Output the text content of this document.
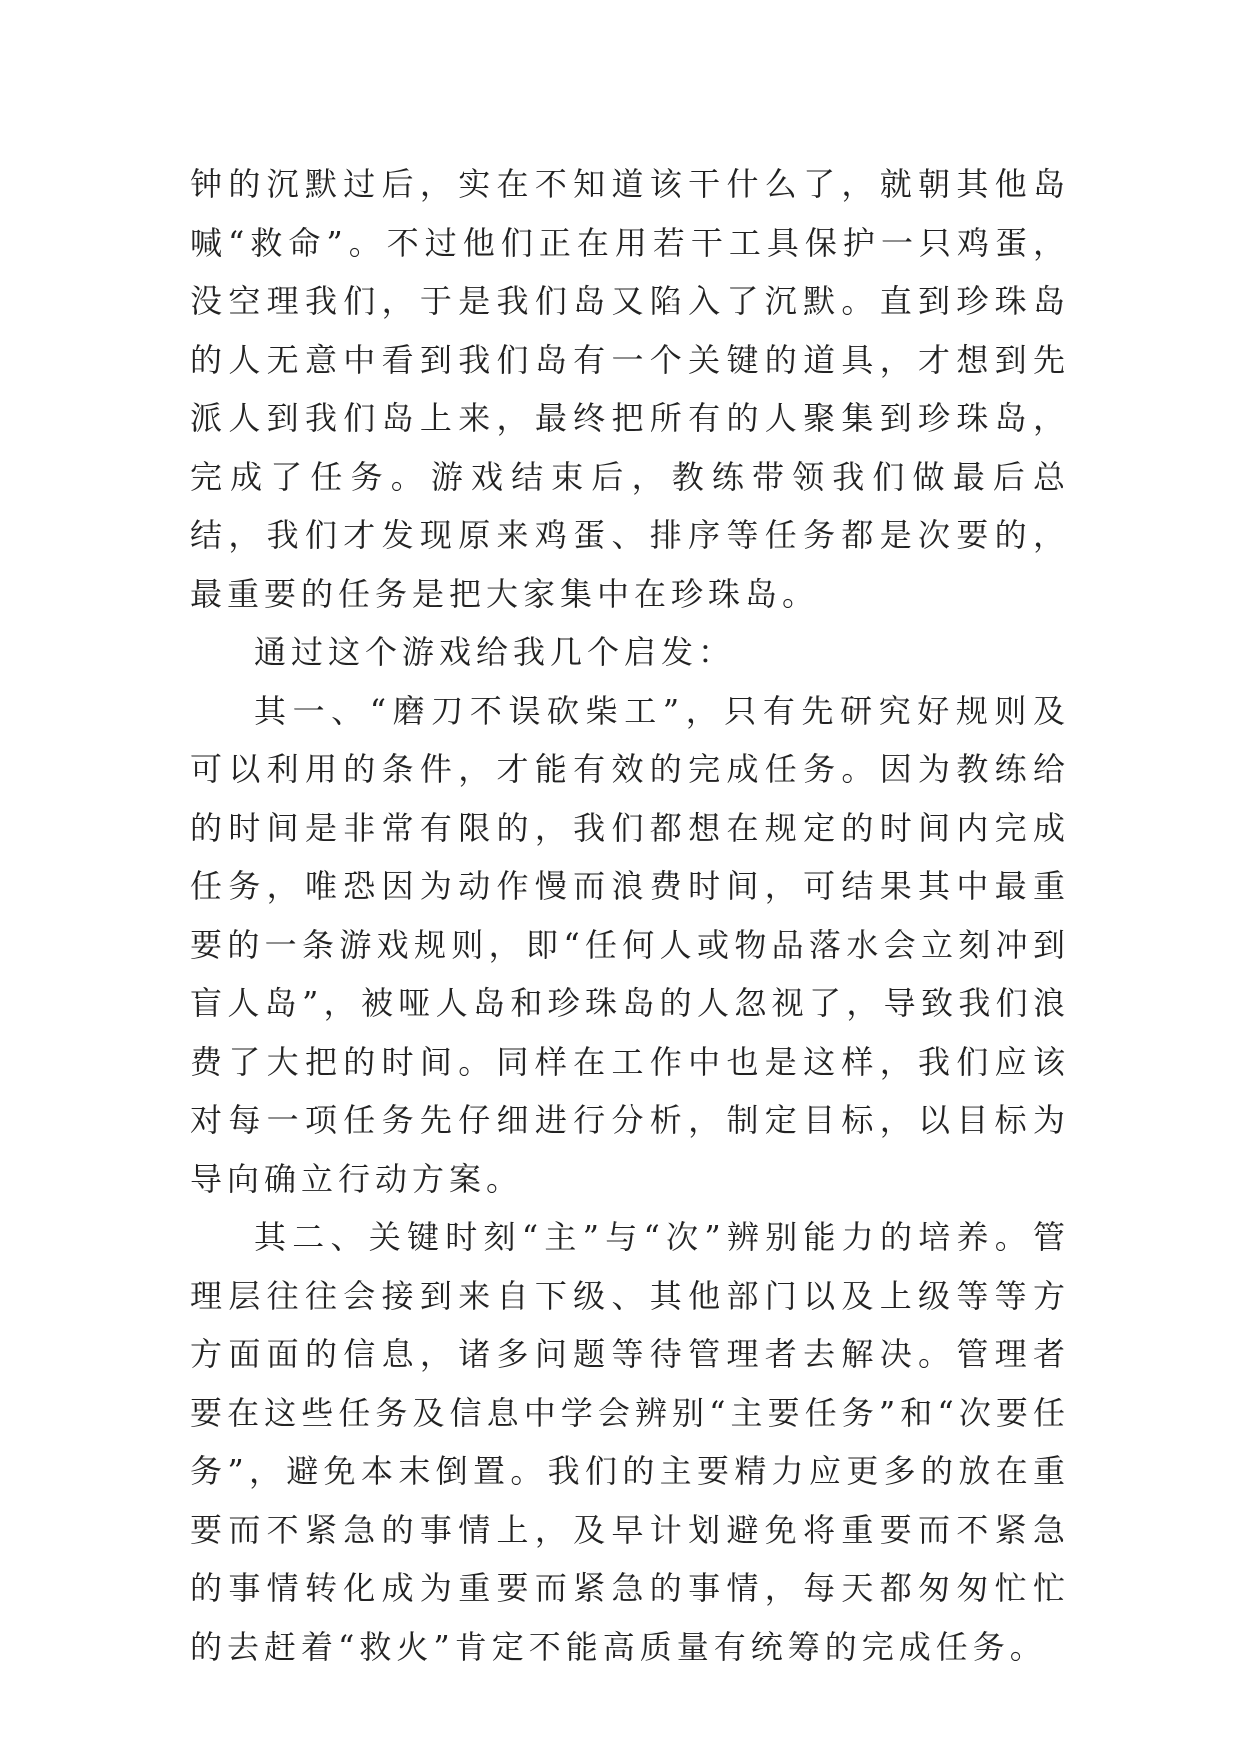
钟的沉默过后，实在不知道该干什么了，就朝其他岛喊“救命”。不过他们正在用若干工具保护一只鸡蛋，没空理我们，于是我们岛又陷入了沉默。直到珍珠岛的人无意中看到我们岛有一个关键的道具，才想到先派人到我们岛上来，最终把所有的人聚集到珍珠岛，完成了任务。游戏结束后，教练带领我们做最后总结，我们才发现原来鸡蛋、排序等任务都是次要的，最重要的任务是把大家集中在珍珠岛。

通过这个游戏给我几个启发：

其一、“磨刀不误砍柴工”，只有先研究好规则及可以利用的条件，才能有效的完成任务。因为教练给的时间是非常有限的，我们都想在规定的时间内完成任务，唯恐因为动作慢而浪费时间，可结果其中最重要的一条游戏规则，即“任何人或物品落水会立刻冲到盲人岛”，被哑人岛和珍珠岛的人忽视了，导致我们浪费了大把的时间。同样在工作中也是这样，我们应该对每一项任务先仔细进行分析，制定目标，以目标为导向确立行动方案。

其二、关键时刻“主”与“次”辨别能力的培养。管理层往往会接到来自下级、其他部门以及上级等等方方面面的信息，诸多问题等待管理者去解决。管理者要在这些任务及信息中学会辨别“主要任务”和“次要任务”，避免本末倒置。我们的主要精力应更多的放在重要而不紧急的事情上，及早计划避免将重要而不紧急的事情转化成为重要而紧急的事情，每天都匆匆忙忙的去赶着“救火”肯定不能高质量有统筹的完成任务。
